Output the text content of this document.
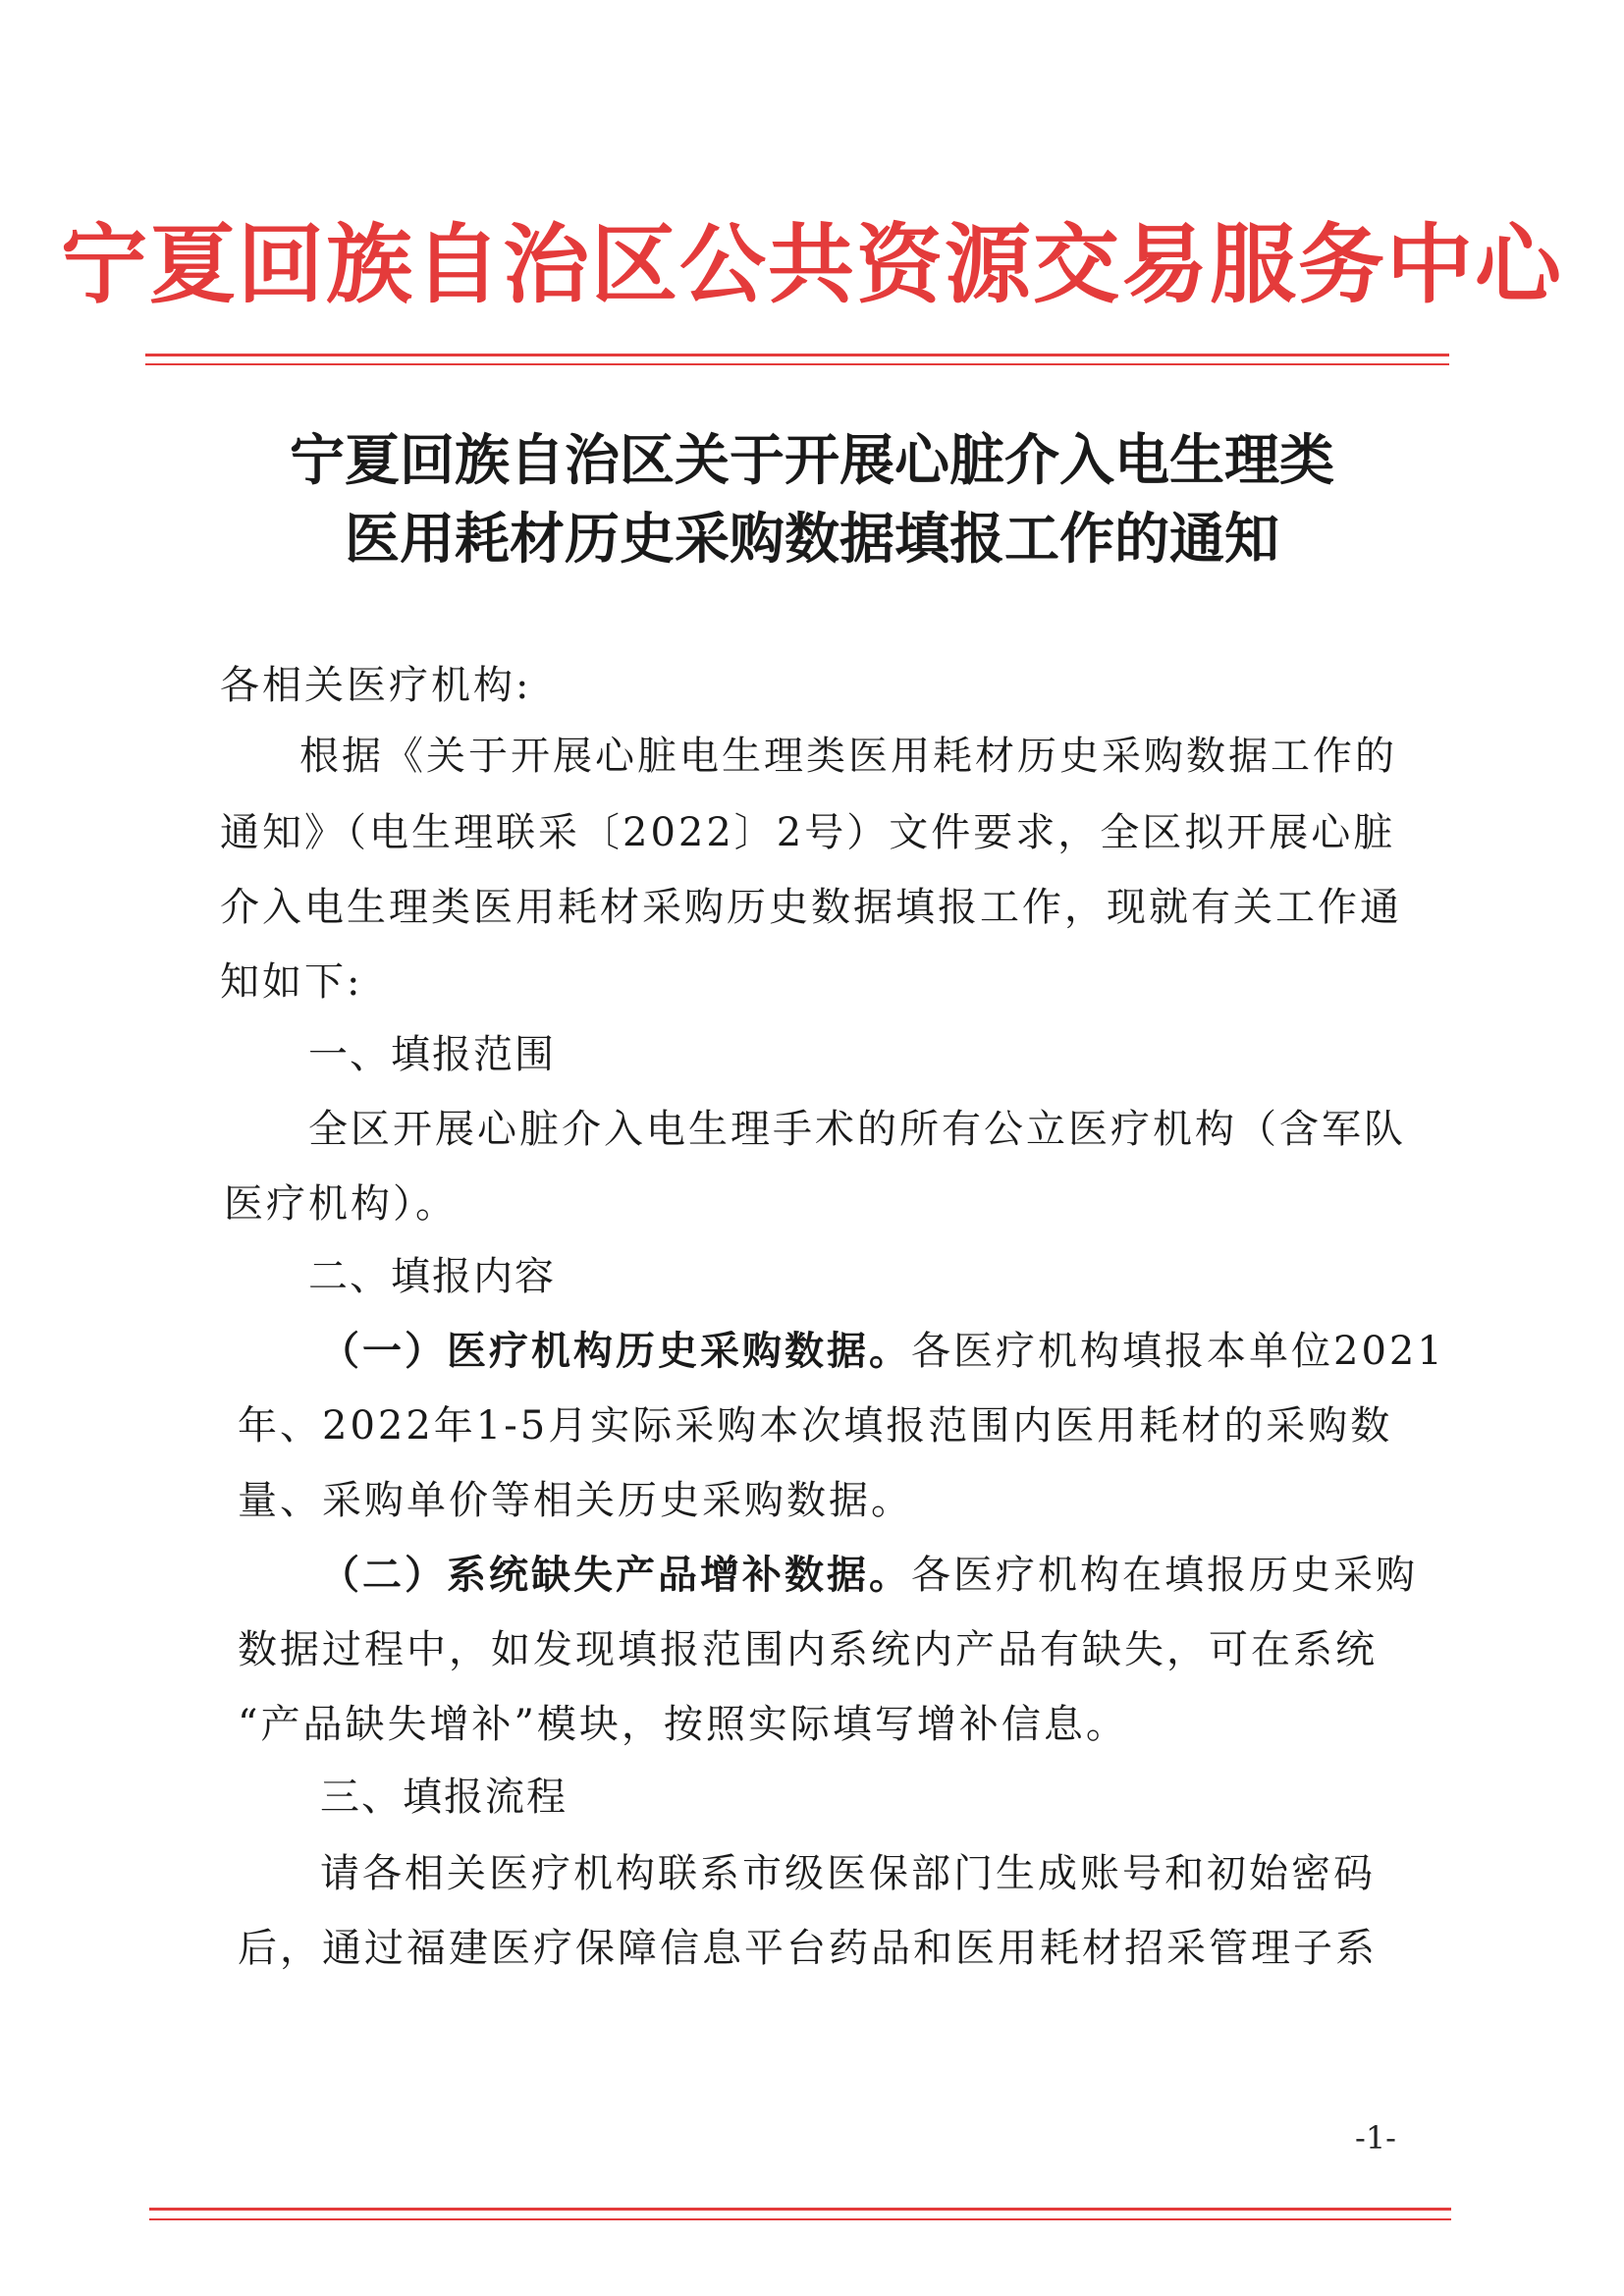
宁夏回族自治区公共资源交易服务中心
宁夏回族自治区关于开展心脏介入电生理类
医用耗材历史采购数据填报工作的通知
各相关医疗机构:
根据《关于开展心脏电生理类医用耗材历史采购数据工作的
通知》（电生理联采〔2022〕2号）文件要求，全区拟开展心脏
介入电生理类医用耗材采购历史数据填报工作，现就有关工作通
知如下:
一、填报范围
全区开展心脏介入电生理手术的所有公立医疗机构（含军队
医疗机构）。
二、填报内容
（一）医疗机构历史采购数据。各医疗机构填报本单位2021
年、2022年1-5月实际采购本次填报范围内医用耗材的采购数
量、采购单价等相关历史采购数据。
（二）系统缺失产品增补数据。各医疗机构在填报历史采购
数据过程中，如发现填报范围内系统内产品有缺失，可在系统
“产品缺失增补”模块，按照实际填写增补信息。
三、填报流程
请各相关医疗机构联系市级医保部门生成账号和初始密码
后，通过福建医疗保障信息平台药品和医用耗材招采管理子系
-1-
